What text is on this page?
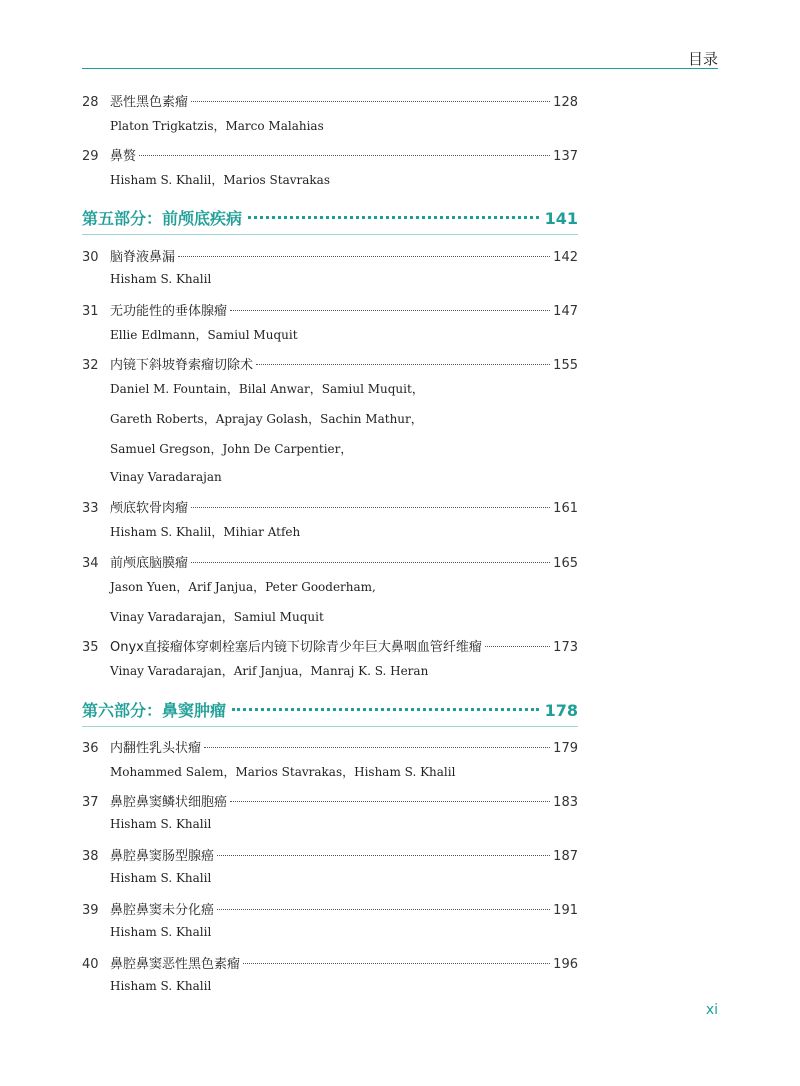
目录
28 恶性黑色素瘤	128
Platon Trigkatzis，Marco Malahias
29 鼻赘	137
Hisham S. Khalil，Marios Stavrakas
第五部分：前颅底疾病	141
30 脑脊液鼻漏	142
Hisham S. Khalil
31 无功能性的垂体腺瘤	147
Ellie Edlmann，Samiul Muquit
32 内镜下斜坡脊索瘤切除术	155
Daniel M. Fountain，Bilal Anwar，Samiul Muquit，
Gareth Roberts，Aprajay Golash，Sachin Mathur，
Samuel Gregson，John De Carpentier，
Vinay Varadarajan
33 颅底软骨肉瘤	161
Hisham S. Khalil，Mihiar Atfeh
34 前颅底脑膜瘤	165
Jason Yuen，Arif Janjua，Peter Gooderham,
Vinay Varadarajan，Samiul Muquit
35 Onyx直接瘤体穿刺栓塞后内镜下切除青少年巨大鼻咽血管纤维瘤	173
Vinay Varadarajan，Arif Janjua，Manraj K. S. Heran
第六部分：鼻窦肿瘤	178
36 内翻性乳头状瘤	179
Mohammed Salem，Marios Stavrakas，Hisham S. Khalil
37 鼻腔鼻窦鳞状细胞癌	183
Hisham S. Khalil
38 鼻腔鼻窦肠型腺癌	187
Hisham S. Khalil
39 鼻腔鼻窦未分化癌	191
Hisham S. Khalil
40 鼻腔鼻窦恶性黑色素瘤	196
Hisham S. Khalil
xi
